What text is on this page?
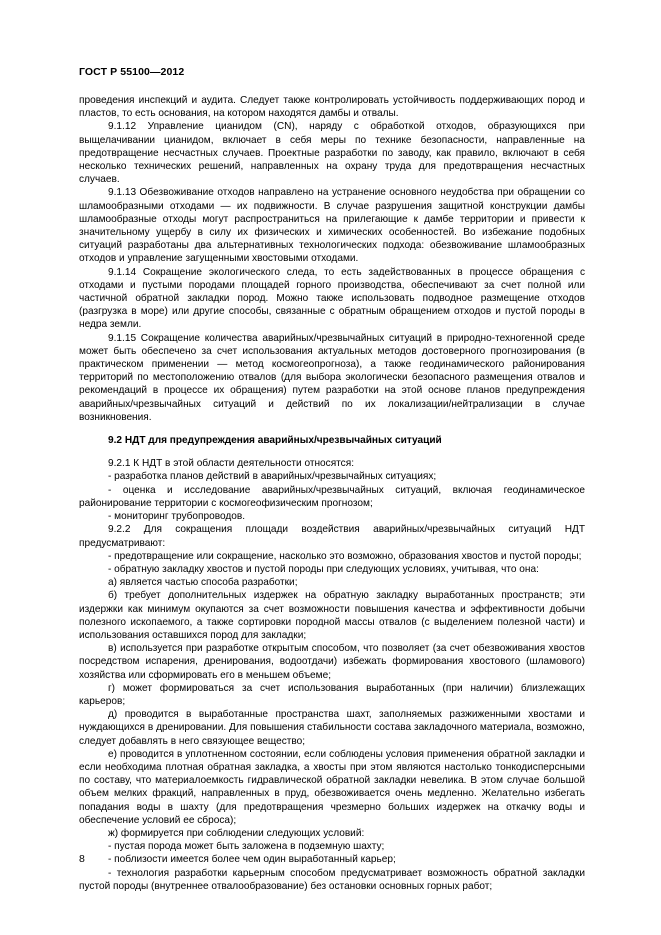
ГОСТ Р 55100—2012

проведения инспекций и аудита. Следует также контролировать устойчивость поддерживающих пород и пластов, то есть основания, на котором находятся дамбы и отвалы.

9.1.12 Управление цианидом (CN), наряду с обработкой отходов, образующихся при выщелачивании цианидом, включает в себя меры по технике безопасности, направленные на предотвращение несчастных случаев. Проектные разработки по заводу, как правило, включают в себя несколько технических решений, направленных на охрану труда для предотвращения несчастных случаев.

9.1.13 Обезвоживание отходов направлено на устранение основного неудобства при обращении со шламообразными отходами — их подвижности. В случае разрушения защитной конструкции дамбы шламообразные отходы могут распространиться на прилегающие к дамбе территории и привести к значительному ущербу в силу их физических и химических особенностей. Во избежание подобных ситуаций разработаны два альтернативных технологических подхода: обезвоживание шламообразных отходов и управление загущенными хвостовыми отходами.

9.1.14 Сокращение экологического следа, то есть задействованных в процессе обращения с отходами и пустыми породами площадей горного производства, обеспечивают за счет полной или частичной обратной закладки пород. Можно также использовать подводное размещение отходов (разгрузка в море) или другие способы, связанные с обратным обращением отходов и пустой породы в недра земли.

9.1.15 Сокращение количества аварийных/чрезвычайных ситуаций в природно-техногенной среде может быть обеспечено за счет использования актуальных методов достоверного прогнозирования (в практическом применении — метод космогеопрогноза), а также геодинамического районирования территорий по местоположению отвалов (для выбора экологически безопасного размещения отвалов и рекомендаций в процессе их обращения) путем разработки на этой основе планов предупреждения аварийных/чрезвычайных ситуаций и действий по их локализации/нейтрализации в случае возникновения.

9.2 НДТ для предупреждения аварийных/чрезвычайных ситуаций

9.2.1 К НДТ в этой области деятельности относятся:

- разработка планов действий в аварийных/чрезвычайных ситуациях;

- оценка и исследование аварийных/чрезвычайных ситуаций, включая геодинамическое районирование территории с космогеофизическим прогнозом;

- мониторинг трубопроводов.

9.2.2 Для сокращения площади воздействия аварийных/чрезвычайных ситуаций НДТ предусматривают:

- предотвращение или сокращение, насколько это возможно, образования хвостов и пустой породы;

- обратную закладку хвостов и пустой породы при следующих условиях, учитывая, что она:

а) является частью способа разработки;

б) требует дополнительных издержек на обратную закладку выработанных пространств; эти издержки как минимум окупаются за счет возможности повышения качества и эффективности добычи полезного ископаемого, а также сортировки породной массы отвалов (с выделением полезной части) и использования оставшихся пород для закладки;

в) используется при разработке открытым способом, что позволяет (за счет обезвоживания хвостов посредством испарения, дренирования, водоотдачи) избежать формирования хвостового (шламового) хозяйства или сформировать его в меньшем объеме;

г) может формироваться за счет использования выработанных (при наличии) близлежащих карьеров;

д) проводится в выработанные пространства шахт, заполняемых разжиженными хвостами и нуждающихся в дренировании. Для повышения стабильности состава закладочного материала, возможно, следует добавлять в него связующее вещество;

е) проводится в уплотненном состоянии, если соблюдены условия применения обратной закладки и если необходима плотная обратная закладка, а хвосты при этом являются настолько тонкодисперсными по составу, что материалоемкость гидравлической обратной закладки невелика. В этом случае большой объем мелких фракций, направленных в пруд, обезвоживается очень медленно. Желательно избегать попадания воды в шахту (для предотвращения чрезмерно больших издержек на откачку воды и обеспечение условий ее сброса);

ж) формируется при соблюдении следующих условий:

- пустая порода может быть заложена в подземную шахту;

- поблизости имеется более чем один выработанный карьер;

- технология разработки карьерным способом предусматривает возможность обратной закладки пустой породы (внутреннее отвалообразование) без остановки основных горных работ;

8
